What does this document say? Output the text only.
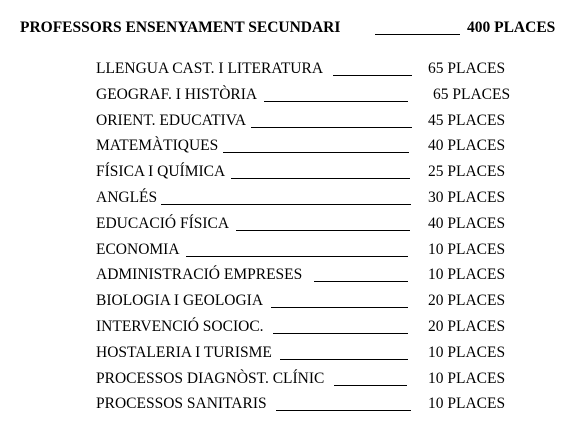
PROFESSORS ENSENYAMENT SECUNDARI	400 PLACES
LLENGUA CAST. I LITERATURA	65 PLACES
GEOGRAF. I HISTÒRIA	65 PLACES
ORIENT. EDUCATIVA	45 PLACES
MATEMÀTIQUES	40 PLACES
FÍSICA I QUÍMICA	25 PLACES
ANGLÉS	30 PLACES
EDUCACIÓ FÍSICA	40 PLACES
ECONOMIA	10 PLACES
ADMINISTRACIÓ EMPRESES	10 PLACES
BIOLOGIA I GEOLOGIA	20 PLACES
INTERVENCIÓ SOCIOC.	20 PLACES
HOSTALERIA I TURISME	10 PLACES
PROCESSOS DIAGNÒST. CLÍNIC	10 PLACES
PROCESSOS SANITARIS	10 PLACES
